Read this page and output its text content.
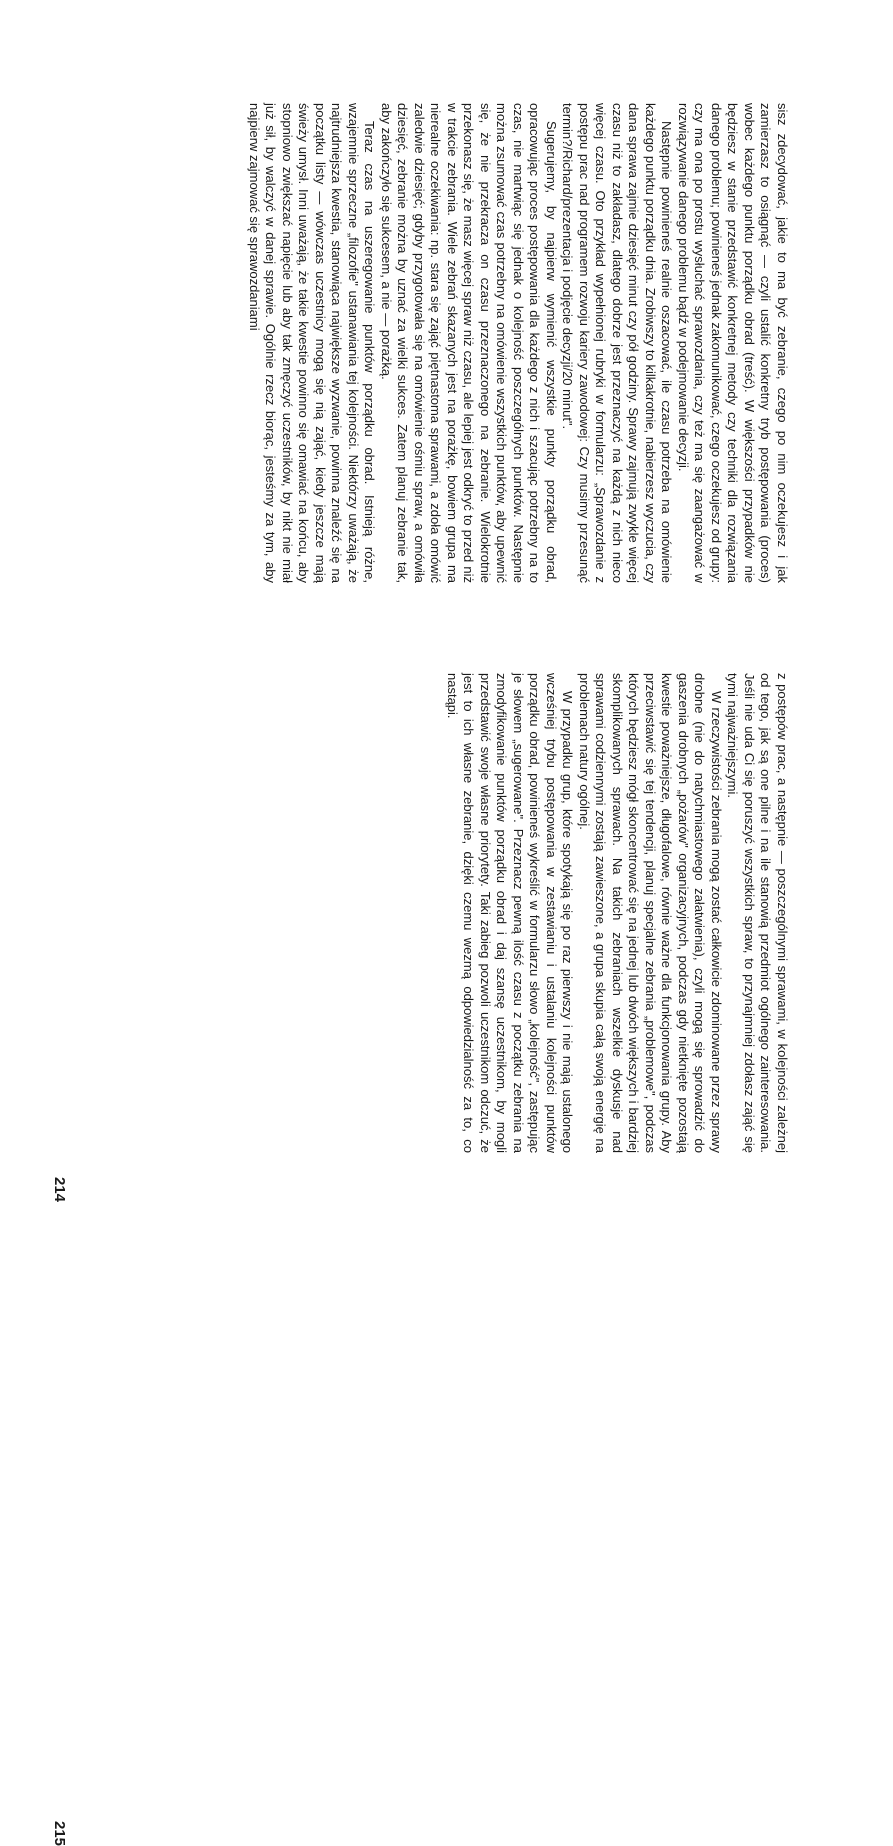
sisz zdecydować, jakie to ma być zebranie, czego po nim oczekujesz i jak zamierzasz to osiągnąć — czyli ustalić konkretny tryb postępowania (proces) wobec każdego punktu porządku obrad (treść). W większości przypadków nie będziesz w stanie przedstawić konkretnej metody czy techniki dla rozwiązania danego problemu; powinieneś jednak zakomunikować, czego oczekujesz od grupy: czy ma ona po prostu wysłuchać sprawozdania, czy też ma się zaangażować w rozwiązywanie danego problemu bądź w podejmowanie decyzji.

Następnie powinieneś realnie oszacować, ile czasu potrzeba na omówienie każdego punktu porządku dnia. Zrobiwszy to kilkakrotnie, nabierzesz wyczucia, czy dana sprawa zajmie dziesięć minut czy pół godziny. Sprawy zajmują zwykle więcej czasu niż to zakładasz, dlatego dobrze jest przeznaczyć na każdą z nich nieco więcej czasu. Oto przykład wypełnionej rubryki w formularzu: „Sprawozdanie z postępu prac nad programem rozwoju kariery zawodowej: Czy musimy przesunąć termin?/Richard/prezentacja i podjęcie decyzji/20 minut".

Sugerujemy, by najpierw wymienić wszystkie punkty porządku obrad, opracowując proces postępowania dla każdego z nich i szacując potrzebny na to czas, nie martwiąc się jednak o kolejność poszczególnych punktów. Następnie można zsumować czas potrzebny na omówienie wszystkich punktów, aby upewnić się, że nie przekracza on czasu przeznaczonego na zebranie. Wielokrotnie przekonasz się, że masz więcej spraw niż czasu, ale lepiej jest odkryć to przed niż w trakcie zebrania. Wiele zebrań skazanych jest na porażkę, bowiem grupa ma nierealne oczekiwania: np. stara się zająć piętnastoma sprawami, a zdoła omówić zaledwie dziesięć; gdyby przygotowała się na omówienie ośmiu spraw, a omówiła dziesięć, zebranie można by uznać za wielki sukces. Zatem planuj zebranie tak, aby zakończyło się sukcesem, a nie — porażką.

Teraz czas na uszeregowanie punktów porządku obrad. Istnieją różne, wzajemnie sprzeczne „filozofie" ustanawiania tej kolejności. Niektórzy uważają, że najtrudniejsza kwestia, stanowiąca największe wyzwanie, powinna znaleźć się na początku listy — wówczas uczestnicy mogą się nią zająć, kiedy jeszcze mają świeży umysł. Inni uważają, że takie kwestie powinno się omawiać na końcu, aby stopniowo zwiększać napięcie lub aby tak zmęczyć uczestników, by nikt nie miał już sił, by walczyć w danej sprawie. Ogólnie rzecz biorąc, jesteśmy za tym, aby najpierw zajmować się sprawozdaniami

214

z postępów prac, a następnie — poszczególnymi sprawami, w kolejności zależnej od tego, jak są one pilne i na ile stanowią przedmiot ogólnego zainteresowania. Jeśli nie uda Ci się poruszyć wszystkich spraw, to przynajmniej zdołasz zająć się tymi najważniejszymi.

W rzeczywistości zebrania mogą zostać całkowicie zdominowane przez sprawy drobne (nie do natychmiastowego załatwienia), czyli mogą się sprowadzić do gaszenia drobnych „pożarów" organizacyjnych, podczas gdy nietknięte pozostają kwestie poważniejsze, długofalowe, równie ważne dla funkcjonowania grupy. Aby przeciwstawić się tej tendencji, planuj specjalne zebrania „problemowe", podczas których będziesz mógł skoncentrować się na jednej lub dwóch większych i bardziej skomplikowanych sprawach. Na takich zebraniach wszelkie dyskusje nad sprawami codziennymi zostają zawieszone, a grupa skupia całą swoją energię na problemach natury ogólnej.

W przypadku grup, które spotykają się po raz pierwszy i nie mają ustalonego wcześniej trybu postępowania w zestawianiu i ustalaniu kolejności punktów porządku obrad, powinieneś wykreślić w formularzu słowo „kolejność", zastępując je słowem „sugerowane". Przeznacz pewną ilość czasu z początku zebrania na zmodyfikowanie punktów porządku obrad i daj szansę uczestnikom, by mogli przedstawić swoje własne priorytety. Taki zabieg pozwoli uczestnikom odczuć, że jest to ich własne zebranie, dzięki czemu wezmą odpowiedzialność za to, co nastąpi.

215
